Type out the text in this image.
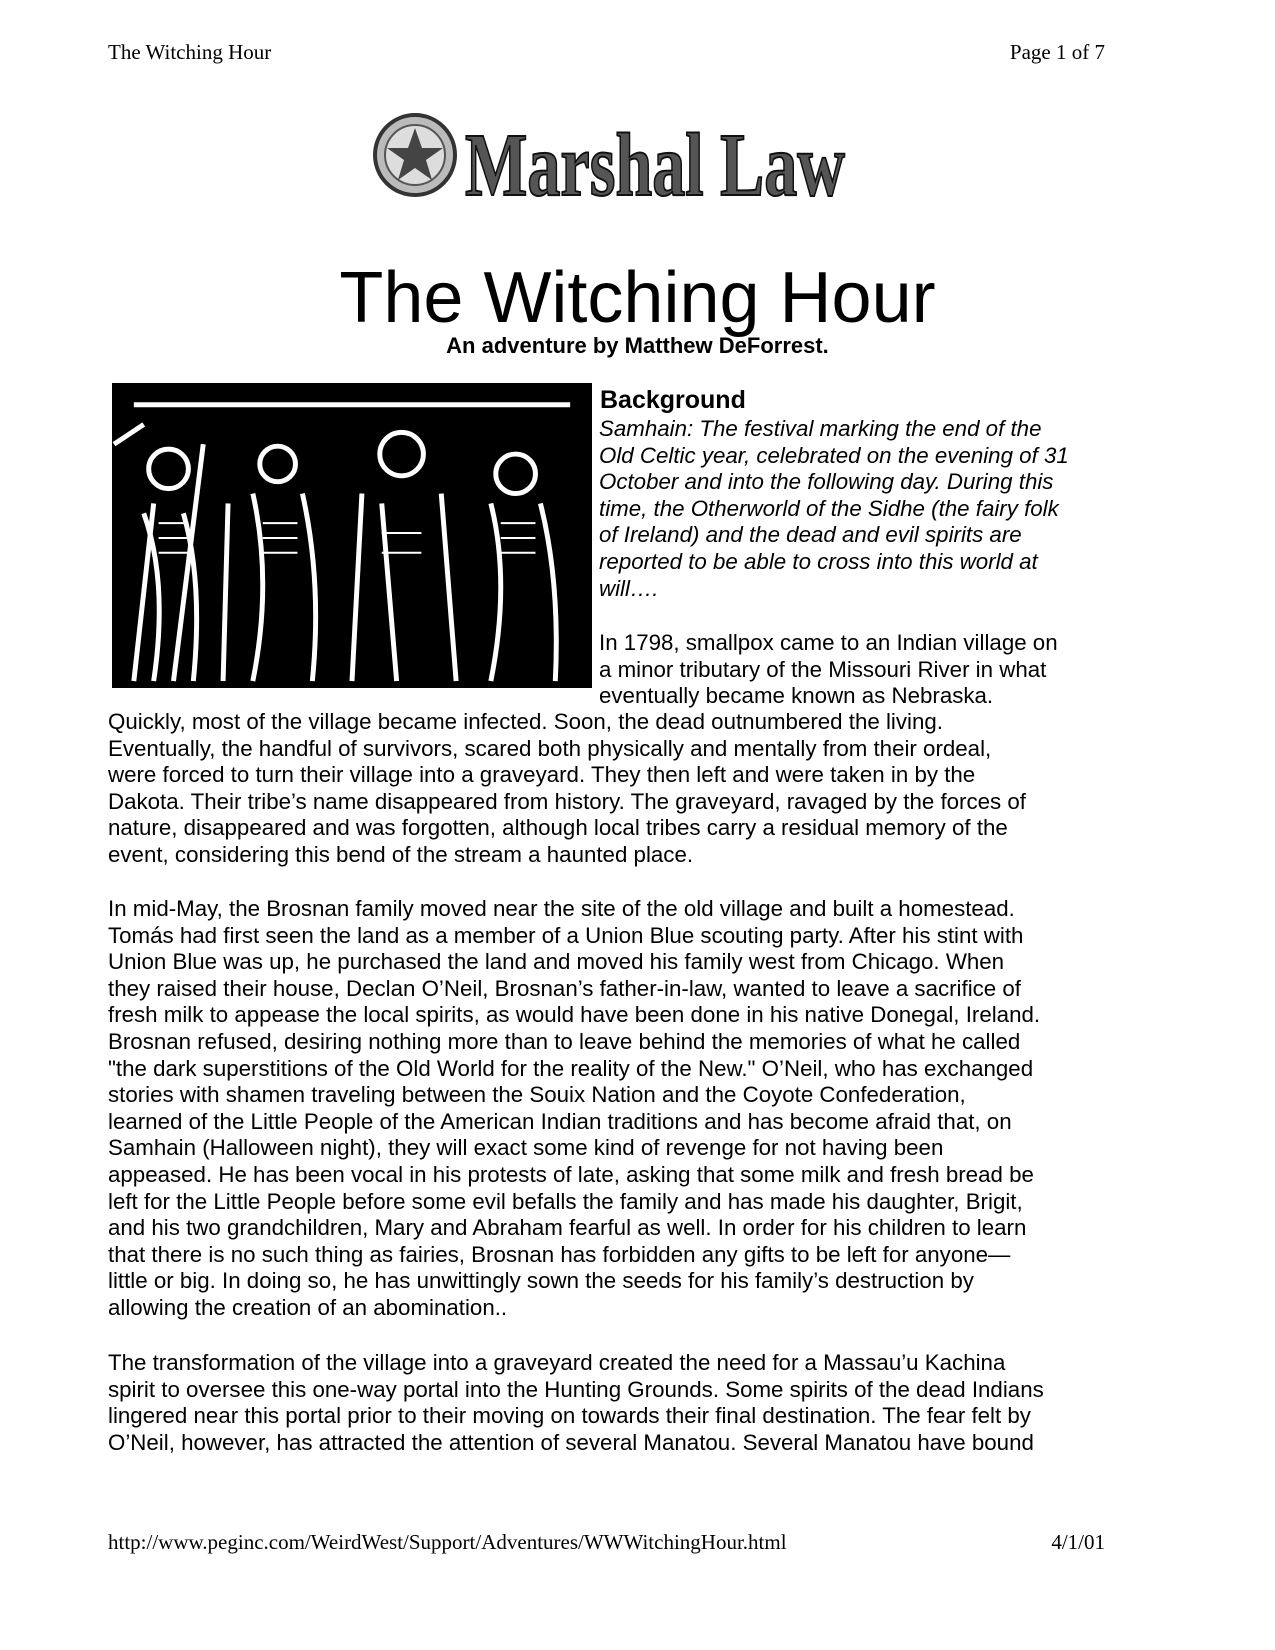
The Witching Hour	Page 1 of 7
Marshal Law
The Witching Hour
An adventure by Matthew DeForrest.
Background
Samhain: The festival marking the end of the
Old Celtic year, celebrated on the evening of 31
October and into the following day. During this
time, the Otherworld of the Sidhe (the fairy folk
of Ireland) and the dead and evil spirits are
reported to be able to cross into this world at
will….
In 1798, smallpox came to an Indian village on
a minor tributary of the Missouri River in what
eventually became known as Nebraska.
Quickly, most of the village became infected. Soon, the dead outnumbered the living.
Eventually, the handful of survivors, scared both physically and mentally from their ordeal,
were forced to turn their village into a graveyard. They then left and were taken in by the
Dakota. Their tribe’s name disappeared from history. The graveyard, ravaged by the forces of
nature, disappeared and was forgotten, although local tribes carry a residual memory of the
event, considering this bend of the stream a haunted place.
In mid-May, the Brosnan family moved near the site of the old village and built a homestead.
Tomás had first seen the land as a member of a Union Blue scouting party. After his stint with
Union Blue was up, he purchased the land and moved his family west from Chicago. When
they raised their house, Declan O’Neil, Brosnan’s father-in-law, wanted to leave a sacrifice of
fresh milk to appease the local spirits, as would have been done in his native Donegal, Ireland.
Brosnan refused, desiring nothing more than to leave behind the memories of what he called
"the dark superstitions of the Old World for the reality of the New." O’Neil, who has exchanged
stories with shamen traveling between the Souix Nation and the Coyote Confederation,
learned of the Little People of the American Indian traditions and has become afraid that, on
Samhain (Halloween night), they will exact some kind of revenge for not having been
appeased. He has been vocal in his protests of late, asking that some milk and fresh bread be
left for the Little People before some evil befalls the family and has made his daughter, Brigit,
and his two grandchildren, Mary and Abraham fearful as well. In order for his children to learn
that there is no such thing as fairies, Brosnan has forbidden any gifts to be left for anyone—
little or big. In doing so, he has unwittingly sown the seeds for his family’s destruction by
allowing the creation of an abomination..
The transformation of the village into a graveyard created the need for a Massau’u Kachina
spirit to oversee this one-way portal into the Hunting Grounds. Some spirits of the dead Indians
lingered near this portal prior to their moving on towards their final destination. The fear felt by
O’Neil, however, has attracted the attention of several Manatou. Several Manatou have bound
http://www.peginc.com/WeirdWest/Support/Adventures/WWWitchingHour.html	4/1/01
